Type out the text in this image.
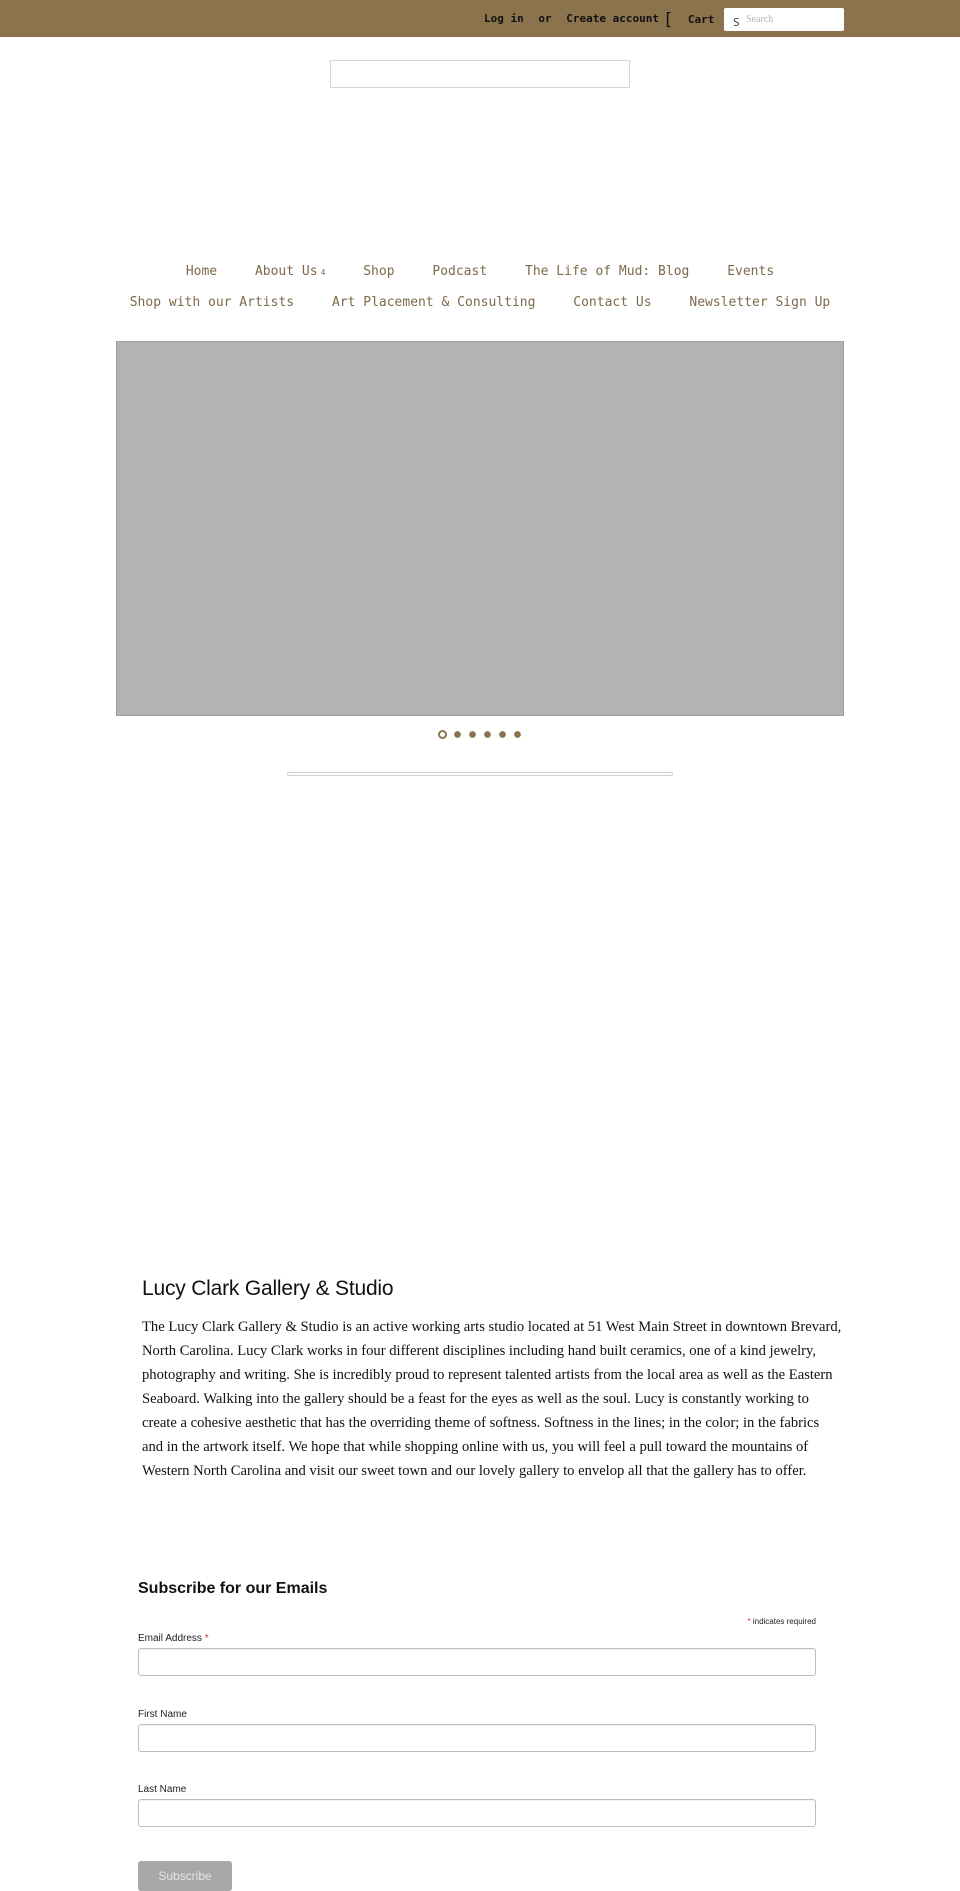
Log in or Create account [ Cart S
Search
Home	About Us 4	Shop	Podcast	The Life of Mud: Blog	Events
Shop with our Artists	Art Placement & Consulting	Contact Us	Newsletter Sign Up
Lucy Clark Gallery & Studio

The Lucy Clark Gallery & Studio is an active working arts studio located at 51 West Main Street in downtown Brevard, North Carolina. Lucy Clark works in four different disciplines including hand built ceramics, one of a kind jewelry, photography and writing. She is incredibly proud to represent talented artists from the local area as well as the Eastern Seaboard. Walking into the gallery should be a feast for the eyes as well as the soul. Lucy is constantly working to create a cohesive aesthetic that has the overriding theme of softness. Softness in the lines; in the color; in the fabrics and in the artwork itself. We hope that while shopping online with us, you will feel a pull toward the mountains of Western North Carolina and visit our sweet town and our lovely gallery to envelop all that the gallery has to offer.

Subscribe for our Emails
* indicates required
Email Address *
First Name
Last Name
Subscribe
